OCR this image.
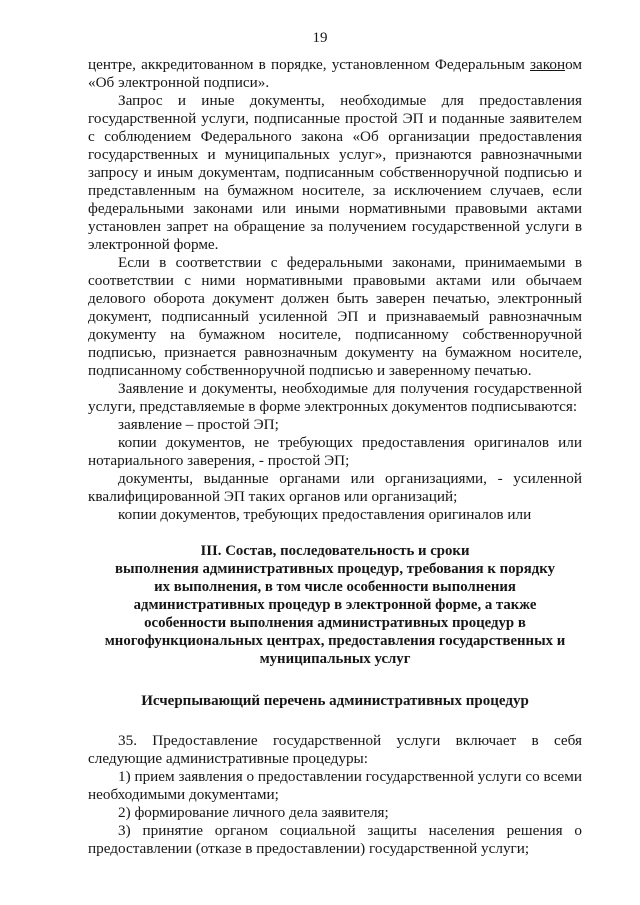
19

центре, аккредитованном в порядке, установленном Федеральным законом «Об электронной подписи».

Запрос и иные документы, необходимые для предоставления государственной услуги, подписанные простой ЭП и поданные заявителем с соблюдением Федерального закона «Об организации предоставления государственных и муниципальных услуг», признаются равнозначными запросу и иным документам, подписанным собственноручной подписью и представленным на бумажном носителе, за исключением случаев, если федеральными законами или иными нормативными правовыми актами установлен запрет на обращение за получением государственной услуги в электронной форме.

Если в соответствии с федеральными законами, принимаемыми в соответствии с ними нормативными правовыми актами или обычаем делового оборота документ должен быть заверен печатью, электронный документ, подписанный усиленной ЭП и признаваемый равнозначным документу на бумажном носителе, подписанному собственноручной подписью, признается равнозначным документу на бумажном носителе, подписанному собственноручной подписью и заверенному печатью.

Заявление и документы, необходимые для получения государственной услуги, представляемые в форме электронных документов подписываются:

заявление – простой ЭП;

копии документов, не требующих предоставления оригиналов или нотариального заверения, - простой ЭП;

документы, выданные органами или организациями, - усиленной квалифицированной ЭП таких органов или организаций;

копии документов, требующих предоставления оригиналов или

III. Состав, последовательность и сроки
выполнения административных процедур, требования к порядку
их выполнения, в том числе особенности выполнения
административных процедур в электронной форме, а также
особенности выполнения административных процедур в
многофункциональных центрах, предоставления государственных и
муниципальных услуг
Исчерпывающий перечень административных процедур

35. Предоставление государственной услуги включает в себя следующие административные процедуры:

1) прием заявления о предоставлении государственной услуги со всеми необходимыми документами;

2) формирование личного дела заявителя;

3) принятие органом социальной защиты населения решения о предоставлении (отказе в предоставлении) государственной услуги;
